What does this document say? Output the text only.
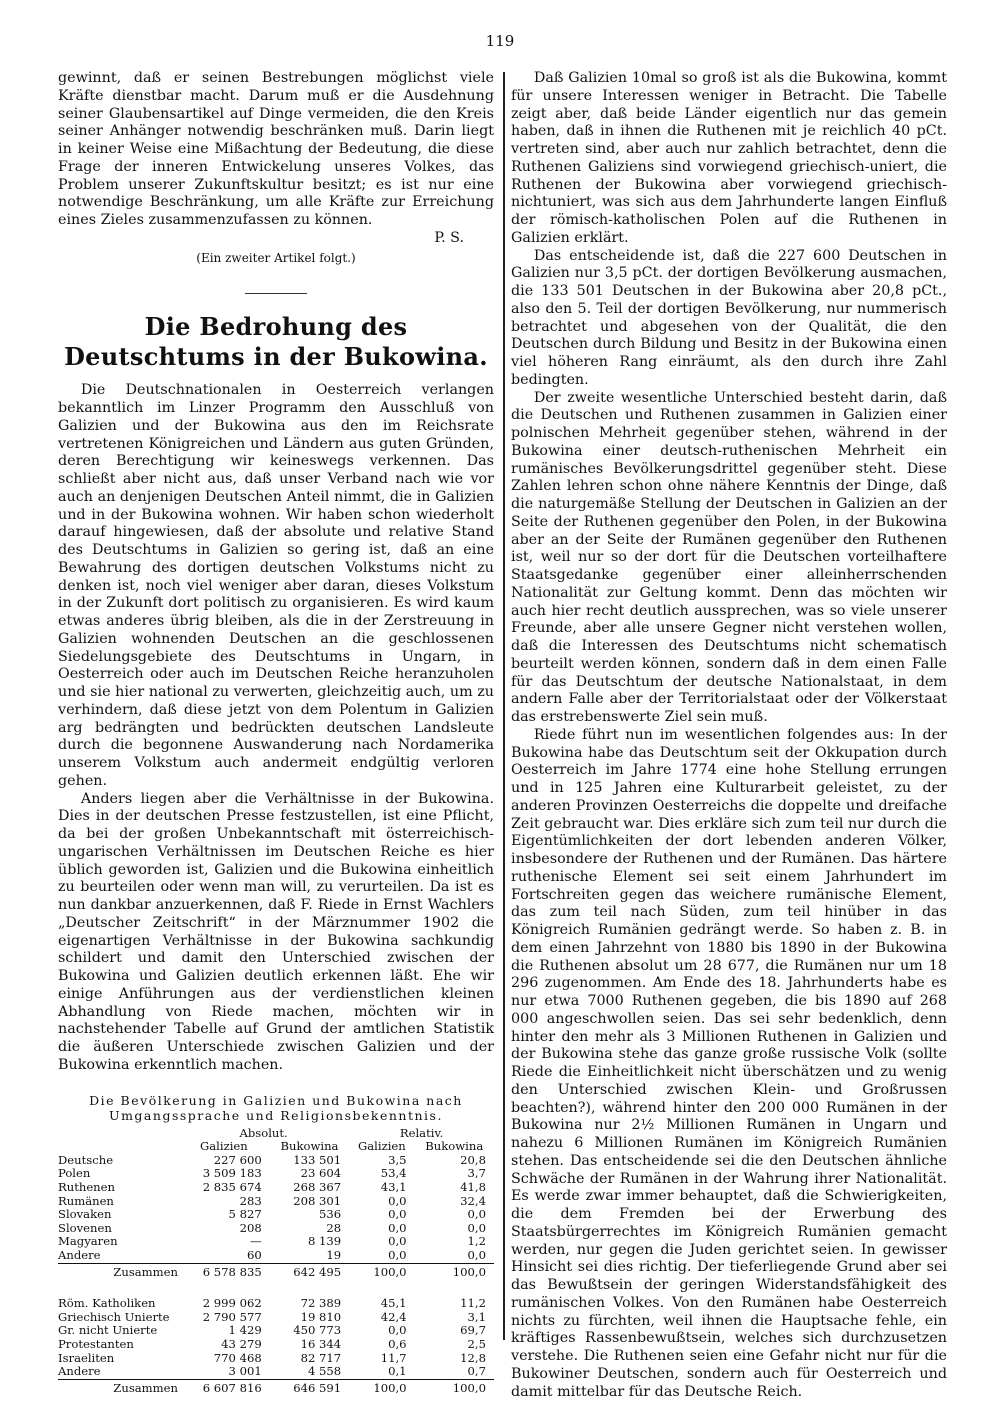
119

gewinnt, daß er seinen Bestrebungen möglichst viele Kräfte dienstbar macht. Darum muß er die Ausdehnung seiner Glaubensartikel auf Dinge vermeiden, die den Kreis seiner Anhänger notwendig beschränken muß. Darin liegt in keiner Weise eine Mißachtung der Bedeutung, die diese Frage der inneren Entwickelung unseres Volkes, das Problem unserer Zukunftskultur besitzt; es ist nur eine notwendige Beschränkung, um alle Kräfte zur Erreichung eines Zieles zusammenzufassen zu können.

P. S.

(Ein zweiter Artikel folgt.)

Die Bedrohung des Deutschtums in der Bukowina.

Die Deutschnationalen in Oesterreich verlangen bekanntlich im Linzer Programm den Ausschluß von Galizien und der Bukowina aus den im Reichsrate vertretenen Königreichen und Ländern aus guten Gründen, deren Berechtigung wir keineswegs verkennen. Das schließt aber nicht aus, daß unser Verband nach wie vor auch an denjenigen Deutschen Anteil nimmt, die in Galizien und in der Bukowina wohnen. Wir haben schon wiederholt darauf hingewiesen, daß der absolute und relative Stand des Deutschtums in Galizien so gering ist, daß an eine Bewahrung des dortigen deutschen Volkstums nicht zu denken ist, noch viel weniger aber daran, dieses Volkstum in der Zukunft dort politisch zu organisieren. Es wird kaum etwas anderes übrig bleiben, als die in der Zerstreuung in Galizien wohnenden Deutschen an die geschlossenen Siedelungsgebiete des Deutschtums in Ungarn, in Oesterreich oder auch im Deutschen Reiche heranzuholen und sie hier national zu verwerten, gleichzeitig auch, um zu verhindern, daß diese jetzt von dem Polentum in Galizien arg bedrängten und bedrückten deutschen Landsleute durch die begonnene Auswanderung nach Nordamerika unserem Volkstum auch andermeit endgültig verloren gehen.

Anders liegen aber die Verhältnisse in der Bukowina. Dies in der deutschen Presse festzustellen, ist eine Pflicht, da bei der großen Unbekanntschaft mit österreichisch-ungarischen Verhältnissen im Deutschen Reiche es hier üblich geworden ist, Galizien und die Bukowina einheitlich zu beurteilen oder wenn man will, zu verurteilen. Da ist es nun dankbar anzuerkennen, daß F. Riede in Ernst Wachlers „Deutscher Zeitschrift“ in der Märznummer 1902 die eigenartigen Verhältnisse in der Bukowina sachkundig schildert und damit den Unterschied zwischen der Bukowina und Galizien deutlich erkennen läßt. Ehe wir einige Anführungen aus der verdienstlichen kleinen Abhandlung von Riede machen, möchten wir in nachstehender Tabelle auf Grund der amtlichen Statistik die äußeren Unterschiede zwischen Galizien und der Bukowina erkenntlich machen.

Die Bevölkerung in Galizien und Bukowina nach
Umgangssprache und Religionsbekenntnis.
	Absolut.		Relativ.	
	Galizien	Bukowina	Galizien	Bukowina
Deutsche	227 600	133 501	3,5	20,8
Polen	3 509 183	23 604	53,4	3,7
Ruthenen	2 835 674	268 367	43,1	41,8
Rumänen	283	208 301	0,0	32,4
Slovaken	5 827	536	0,0	0,0
Slovenen	208	28	0,0	0,0
Magyaren	—	8 139	0,0	1,2
Andere	60	19	0,0	0,0
Zusammen	6 578 835	642 495	100,0	100,0

Röm. Katholiken	2 999 062	72 389	45,1	11,2
Griechisch Unierte	2 790 577	19 810	42,4	3,1
Gr. nicht Unierte	1 429	450 773	0,0	69,7
Protestanten	43 279	16 344	0,6	2,5
Israeliten	770 468	82 717	11,7	12,8
Andere	3 001	4 558	0,1	0,7
Zusammen	6 607 816	646 591	100,0	100,0

Daß Galizien 10mal so groß ist als die Bukowina, kommt für unsere Interessen weniger in Betracht. Die Tabelle zeigt aber, daß beide Länder eigentlich nur das gemein haben, daß in ihnen die Ruthenen mit je reichlich 40 pCt. vertreten sind, aber auch nur zahlich betrachtet, denn die Ruthenen Galiziens sind vorwiegend griechisch-uniert, die Ruthenen der Bukowina aber vorwiegend griechisch-nichtuniert, was sich aus dem Jahrhunderte langen Einfluß der römisch-katholischen Polen auf die Ruthenen in Galizien erklärt.

Das entscheidende ist, daß die 227 600 Deutschen in Galizien nur 3,5 pCt. der dortigen Bevölkerung ausmachen, die 133 501 Deutschen in der Bukowina aber 20,8 pCt., also den 5. Teil der dortigen Bevölkerung, nur nummerisch betrachtet und abgesehen von der Qualität, die den Deutschen durch Bildung und Besitz in der Bukowina einen viel höheren Rang einräumt, als den durch ihre Zahl bedingten.

Der zweite wesentliche Unterschied besteht darin, daß die Deutschen und Ruthenen zusammen in Galizien einer polnischen Mehrheit gegenüber stehen, während in der Bukowina einer deutsch-ruthenischen Mehrheit ein rumänisches Bevölkerungsdrittel gegenüber steht. Diese Zahlen lehren schon ohne nähere Kenntnis der Dinge, daß die naturgemäße Stellung der Deutschen in Galizien an der Seite der Ruthenen gegenüber den Polen, in der Bukowina aber an der Seite der Rumänen gegenüber den Ruthenen ist, weil nur so der dort für die Deutschen vorteilhaftere Staatsgedanke gegenüber einer alleinherrschenden Nationalität zur Geltung kommt. Denn das möchten wir auch hier recht deutlich aussprechen, was so viele unserer Freunde, aber alle unsere Gegner nicht verstehen wollen, daß die Interessen des Deutschtums nicht schematisch beurteilt werden können, sondern daß in dem einen Falle für das Deutschtum der deutsche Nationalstaat, in dem andern Falle aber der Territorialstaat oder der Völkerstaat das erstrebenswerte Ziel sein muß.

Riede führt nun im wesentlichen folgendes aus: In der Bukowina habe das Deutschtum seit der Okkupation durch Oesterreich im Jahre 1774 eine hohe Stellung errungen und in 125 Jahren eine Kulturarbeit geleistet, zu der anderen Provinzen Oesterreichs die doppelte und dreifache Zeit gebraucht war. Dies erkläre sich zum teil nur durch die Eigentümlichkeiten der dort lebenden anderen Völker, insbesondere der Ruthenen und der Rumänen. Das härtere ruthenische Element sei seit einem Jahrhundert im Fortschreiten gegen das weichere rumänische Element, das zum teil nach Süden, zum teil hinüber in das Königreich Rumänien gedrängt werde. So haben z. B. in dem einen Jahrzehnt von 1880 bis 1890 in der Bukowina die Ruthenen absolut um 28 677, die Rumänen nur um 18 296 zugenommen. Am Ende des 18. Jahrhunderts habe es nur etwa 7000 Ruthenen gegeben, die bis 1890 auf 268 000 angeschwollen seien. Das sei sehr bedenklich, denn hinter den mehr als 3 Millionen Ruthenen in Galizien und der Bukowina stehe das ganze große russische Volk (sollte Riede die Einheitlichkeit nicht überschätzen und zu wenig den Unterschied zwischen Klein- und Großrussen beachten?), während hinter den 200 000 Rumänen in der Bukowina nur 2½ Millionen Rumänen in Ungarn und nahezu 6 Millionen Rumänen im Königreich Rumänien stehen. Das entscheidende sei die den Deutschen ähnliche Schwäche der Rumänen in der Wahrung ihrer Nationalität. Es werde zwar immer behauptet, daß die Schwierigkeiten, die dem Fremden bei der Erwerbung des Staatsbürgerrechtes im Königreich Rumänien gemacht werden, nur gegen die Juden gerichtet seien. In gewisser Hinsicht sei dies richtig. Der tieferliegende Grund aber sei das Bewußtsein der geringen Widerstandsfähigkeit des rumänischen Volkes. Von den Rumänen habe Oesterreich nichts zu fürchten, weil ihnen die Hauptsache fehle, ein kräftiges Rassenbewußtsein, welches sich durchzusetzen verstehe. Die Ruthenen seien eine Gefahr nicht nur für die Bukowiner Deutschen, sondern auch für Oesterreich und damit mittelbar für das Deutsche Reich.
